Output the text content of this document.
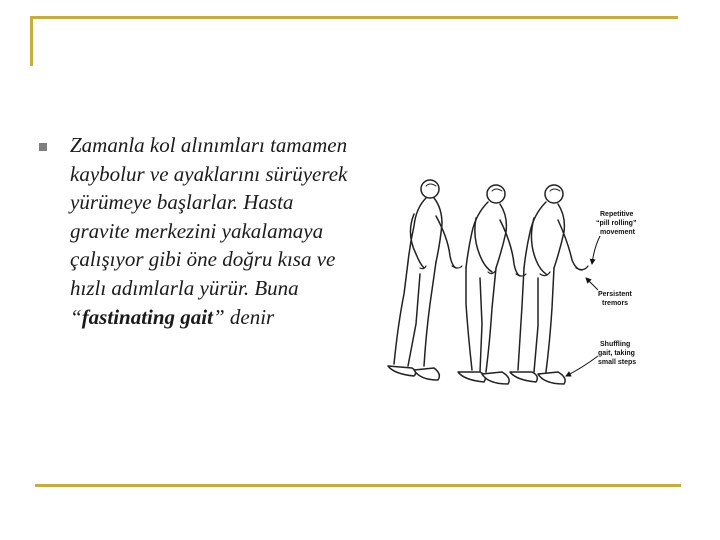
Zamanla kol alınımları tamamen kaybolur ve ayaklarını sürüyerek yürümeye başlarlar. Hasta gravite merkezini yakalamaya çalışıyor gibi öne doğru kısa ve hızlı adımlarla yürür. Buna “fastinating gait” denir

Repetitive
“pill rolling”
movement
Persistent
tremors
Shuffling
gait, taking
small steps
